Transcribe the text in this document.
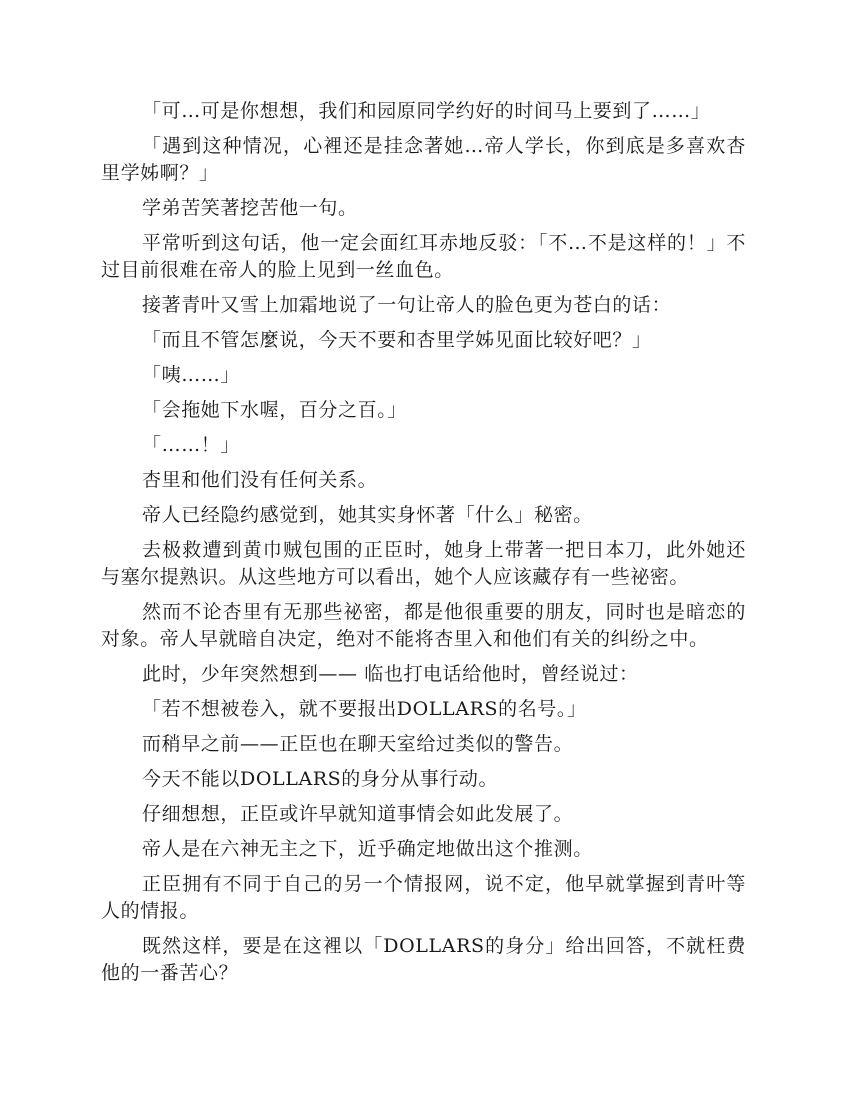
「可…可是你想想，我们和园原同学约好的时间马上要到了……」

「遇到这种情况，心裡还是挂念著她…帝人学长，你到底是多喜欢杏里学姊啊？」

学弟苦笑著挖苦他一句。

平常听到这句话，他一定会面红耳赤地反驳：「不…不是这样的！」不过目前很难在帝人的脸上见到一丝血色。

接著青叶又雪上加霜地说了一句让帝人的脸色更为苍白的话：

「而且不管怎麼说，今天不要和杏里学姊见面比较好吧？」

「咦……」

「会拖她下水喔，百分之百。」

「……！」

杏里和他们没有任何关系。

帝人已经隐约感觉到，她其实身怀著「什么」秘密。

去极救遭到黄巾贼包围的正臣时，她身上带著一把日本刀，此外她还与塞尔提熟识。从这些地方可以看出，她个人应该藏存有一些祕密。

然而不论杏里有无那些祕密，都是他很重要的朋友，同时也是暗恋的对象。帝人早就暗自决定，绝对不能将杏里入和他们有关的纠纷之中。

此时，少年突然想到—— 临也打电话给他时，曾经说过：

「若不想被卷入，就不要报出DOLLARS的名号。」

而稍早之前——正臣也在聊天室给过类似的警告。

今天不能以DOLLARS的身分从事行动。

仔细想想，正臣或许早就知道事情会如此发展了。

帝人是在六神无主之下，近乎确定地做出这个推测。

正臣拥有不同于自己的另一个情报网，说不定，他早就掌握到青叶等人的情报。

既然这样，要是在这裡以「DOLLARS的身分」给出回答，不就枉费他的一番苦心？
